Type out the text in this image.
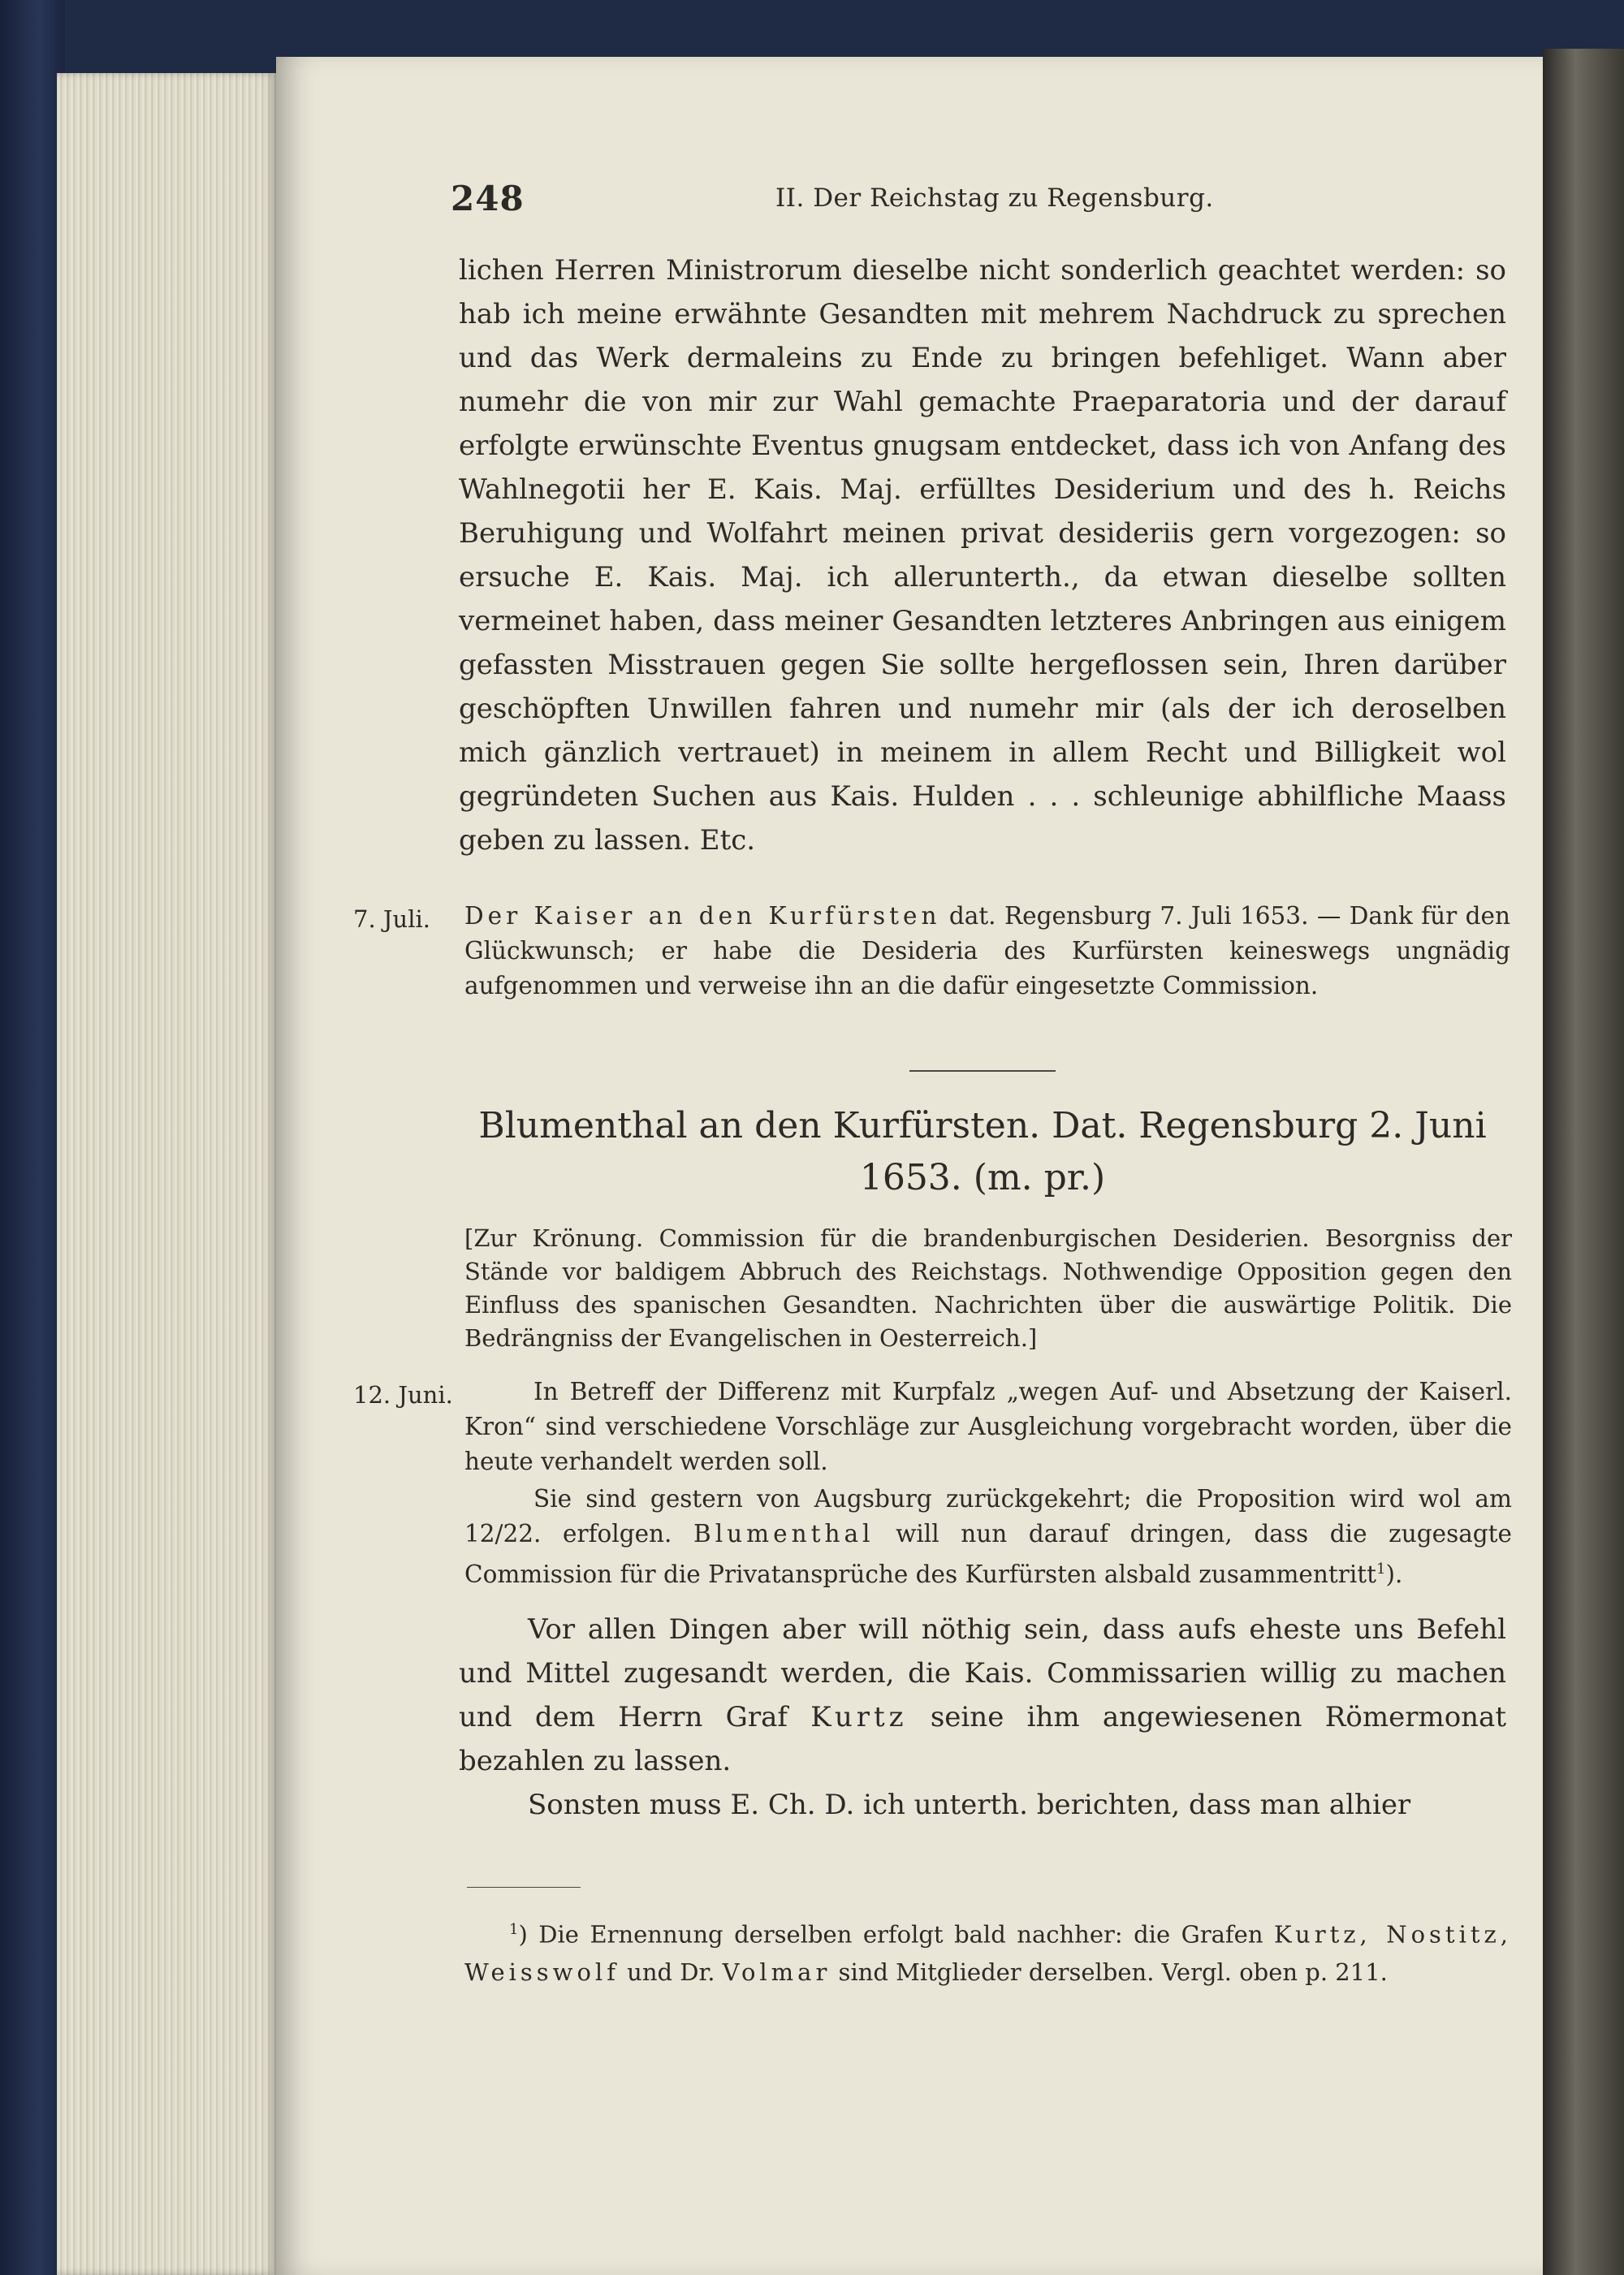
248	II. Der Reichstag zu Regensburg.

lichen Herren Ministrorum dieselbe nicht sonderlich geachtet werden: so hab ich meine erwähnte Gesandten mit mehrem Nachdruck zu sprechen und das Werk dermaleins zu Ende zu bringen befehliget. Wann aber numehr die von mir zur Wahl gemachte Praeparatoria und der darauf erfolgte erwünschte Eventus gnugsam entdecket, dass ich von Anfang des Wahlnegotii her E. Kais. Maj. erfülltes Desiderium und des h. Reichs Beruhigung und Wolfahrt meinen privat desideriis gern vorgezogen: so ersuche E. Kais. Maj. ich allerunterth., da etwan dieselbe sollten vermeinet haben, dass meiner Gesandten letzteres Anbringen aus einigem gefassten Misstrauen gegen Sie sollte hergeflossen sein, Ihren darüber geschöpften Unwillen fahren und numehr mir (als der ich deroselben mich gänzlich vertrauet) in meinem in allem Recht und Billigkeit wol gegründeten Suchen aus Kais. Hulden . . . schleunige abhilfliche Maass geben zu lassen. Etc.

7. Juli. Der Kaiser an den Kurfürsten dat. Regensburg 7. Juli 1653. — Dank für den Glückwunsch; er habe die Desideria des Kurfürsten keineswegs ungnädig aufgenommen und verweise ihn an die dafür eingesetzte Commission.

Blumenthal an den Kurfürsten. Dat. Regensburg 2. Juni
1653. (m. pr.)

[Zur Krönung. Commission für die brandenburgischen Desiderien. Besorgniss der Stände vor baldigem Abbruch des Reichstags. Nothwendige Opposition gegen den Einfluss des spanischen Gesandten. Nachrichten über die auswärtige Politik. Die Bedrängniss der Evangelischen in Oesterreich.]

12. Juni.	In Betreff der Differenz mit Kurpfalz „wegen Auf- und Absetzung der Kaiserl. Kron“ sind verschiedene Vorschläge zur Ausgleichung vorgebracht worden, über die heute verhandelt werden soll.

Sie sind gestern von Augsburg zurückgekehrt; die Proposition wird wol am 12/22. erfolgen. Blumenthal will nun darauf dringen, dass die zugesagte Commission für die Privatansprüche des Kurfürsten alsbald zusammentritt$^1$).

Vor allen Dingen aber will nöthig sein, dass aufs eheste uns Befehl und Mittel zugesandt werden, die Kais. Commissarien willig zu machen und dem Herrn Graf Kurtz seine ihm angewiesenen Römermonat bezahlen zu lassen.

Sonsten muss E. Ch. D. ich unterth. berichten, dass man alhier

$^1$) Die Ernennung derselben erfolgt bald nachher: die Grafen Kurtz, Nostitz, Weisswolf und Dr. Volmar sind Mitglieder derselben. Vergl. oben p. 211.
